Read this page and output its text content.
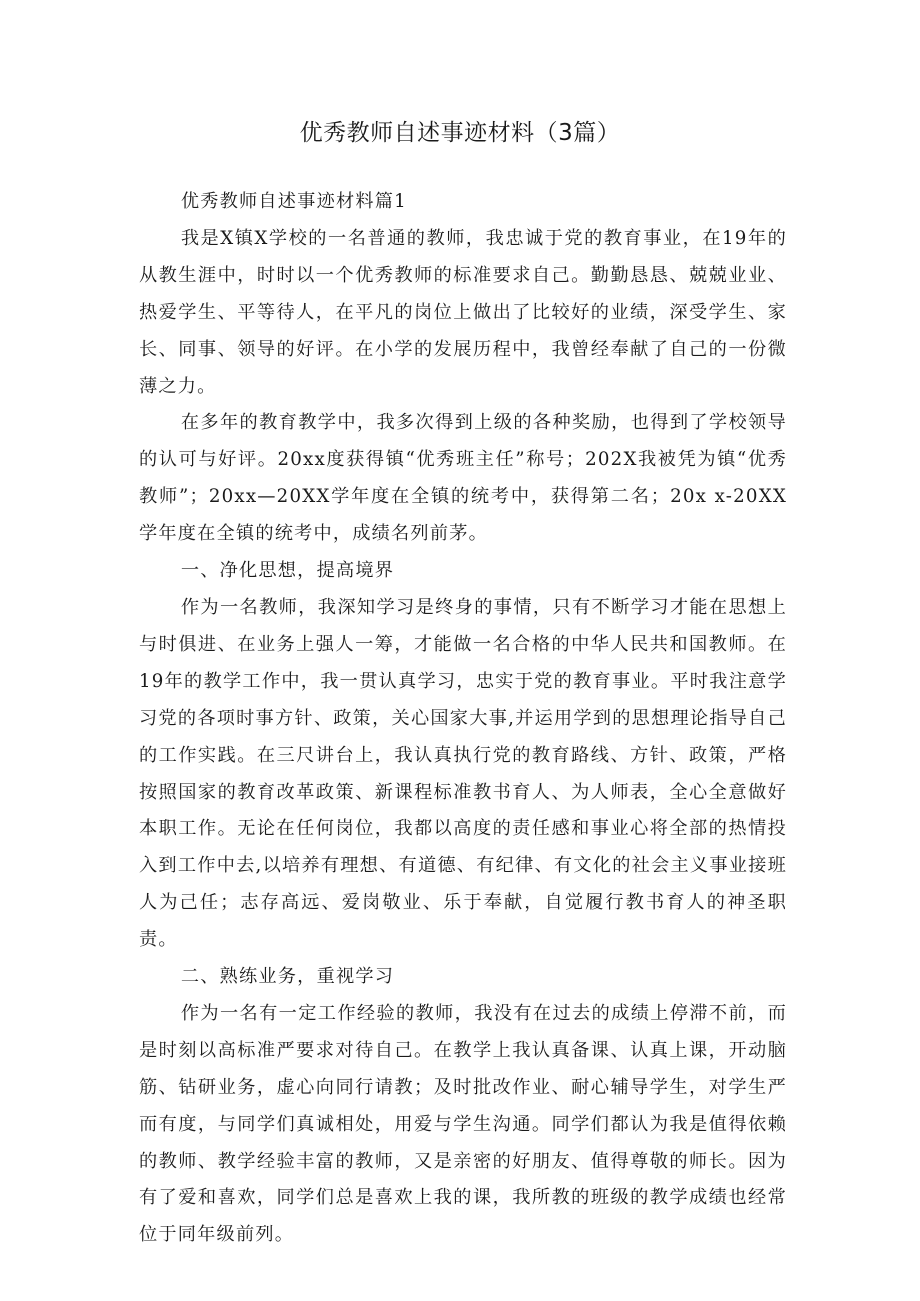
优秀教师自述事迹材料（3篇）

优秀教师自述事迹材料篇1

我是X镇X学校的一名普通的教师，我忠诚于党的教育事业，在19年的从教生涯中，时时以一个优秀教师的标准要求自己。勤勤恳恳、兢兢业业、热爱学生、平等待人，在平凡的岗位上做出了比较好的业绩，深受学生、家长、同事、领导的好评。在小学的发展历程中，我曾经奉献了自己的一份微薄之力。

在多年的教育教学中，我多次得到上级的各种奖励，也得到了学校领导的认可与好评。20xx度获得镇“优秀班主任”称号；202X我被凭为镇“优秀教师”；20xx—20XX学年度在全镇的统考中，获得第二名；20x x-20XX学年度在全镇的统考中，成绩名列前茅。

一、净化思想，提高境界

作为一名教师，我深知学习是终身的事情，只有不断学习才能在思想上与时俱进、在业务上强人一筹，才能做一名合格的中华人民共和国教师。在19年的教学工作中，我一贯认真学习，忠实于党的教育事业。平时我注意学习党的各项时事方针、政策，关心国家大事,并运用学到的思想理论指导自己的工作实践。在三尺讲台上，我认真执行党的教育路线、方针、政策，严格按照国家的教育改革政策、新课程标准教书育人、为人师表，全心全意做好本职工作。无论在任何岗位，我都以高度的责任感和事业心将全部的热情投入到工作中去,以培养有理想、有道德、有纪律、有文化的社会主义事业接班人为己任；志存高远、爱岗敬业、乐于奉献，自觉履行教书育人的神圣职责。

二、熟练业务，重视学习

作为一名有一定工作经验的教师，我没有在过去的成绩上停滞不前，而是时刻以高标准严要求对待自己。在教学上我认真备课、认真上课，开动脑筋、钻研业务，虚心向同行请教；及时批改作业、耐心辅导学生，对学生严而有度，与同学们真诚相处，用爱与学生沟通。同学们都认为我是值得依赖的教师、教学经验丰富的教师，又是亲密的好朋友、值得尊敬的师长。因为有了爱和喜欢，同学们总是喜欢上我的课，我所教的班级的教学成绩也经常位于同年级前列。
